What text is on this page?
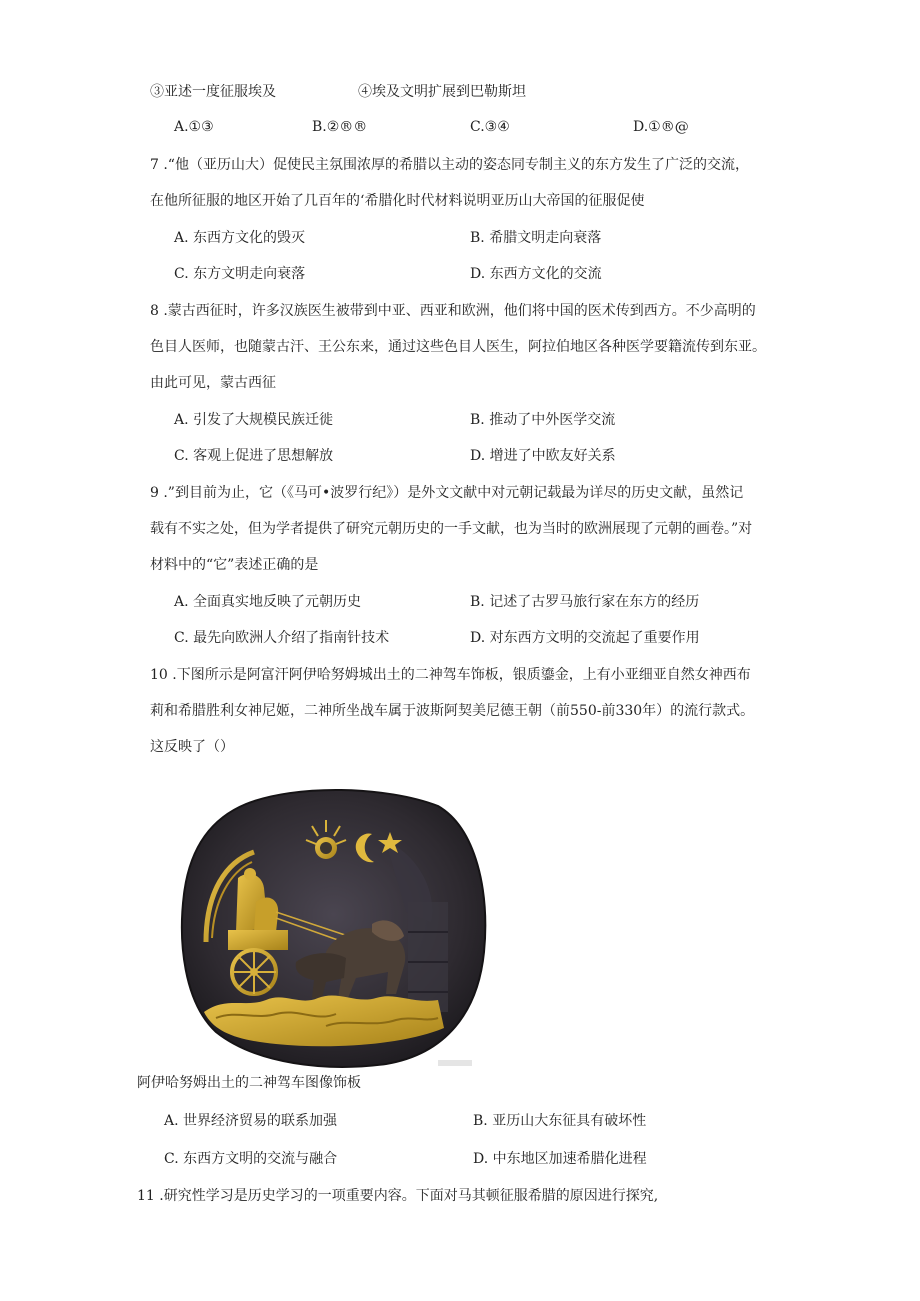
③亚述一度征服埃及	④埃及文明扩展到巴勒斯坦
A.①③	B.②®®	C.③④	D.①®@
7 .“他（亚历山大）促使民主氛围浓厚的希腊以主动的姿态同专制主义的东方发生了广泛的交流，
在他所征服的地区开始了几百年的‘希腊化时代材料说明亚历山大帝国的征服促使
A. 东西方文化的毁灭	B. 希腊文明走向衰落
C. 东方文明走向衰落	D. 东西方文化的交流
8 .蒙古西征时，许多汉族医生被带到中亚、西亚和欧洲，他们将中国的医术传到西方。不少高明的
色目人医师，也随蒙古汗、王公东来，通过这些色目人医生，阿拉伯地区各种医学要籍流传到东亚。
由此可见，蒙古西征
A. 引发了大规模民族迁徙	B. 推动了中外医学交流
C. 客观上促进了思想解放	D. 增进了中欧友好关系
9 .”到目前为止，它（《马可•波罗行纪》）是外文文献中对元朝记载最为详尽的历史文献，虽然记
载有不实之处，但为学者提供了研究元朝历史的一手文献，也为当时的欧洲展现了元朝的画卷。”对
材料中的“它”表述正确的是
A. 全面真实地反映了元朝历史	B. 记述了古罗马旅行家在东方的经历
C. 最先向欧洲人介绍了指南针技术	D. 对东西方文明的交流起了重要作用
10 .下图所示是阿富汗阿伊哈努姆城出土的二神驾车饰板，银质鎏金，上有小亚细亚自然女神西布
莉和希腊胜利女神尼姬，二神所坐战车属于波斯阿契美尼德王朝（前550-前330年）的流行款式。
这反映了（）
阿伊哈努姆出土的二神驾车图像饰板
A. 世界经济贸易的联系加强	B. 亚历山大东征具有破坏性
C. 东西方文明的交流与融合	D. 中东地区加速希腊化进程
11 .研究性学习是历史学习的一项重要内容。下面对马其顿征服希腊的原因进行探究,
